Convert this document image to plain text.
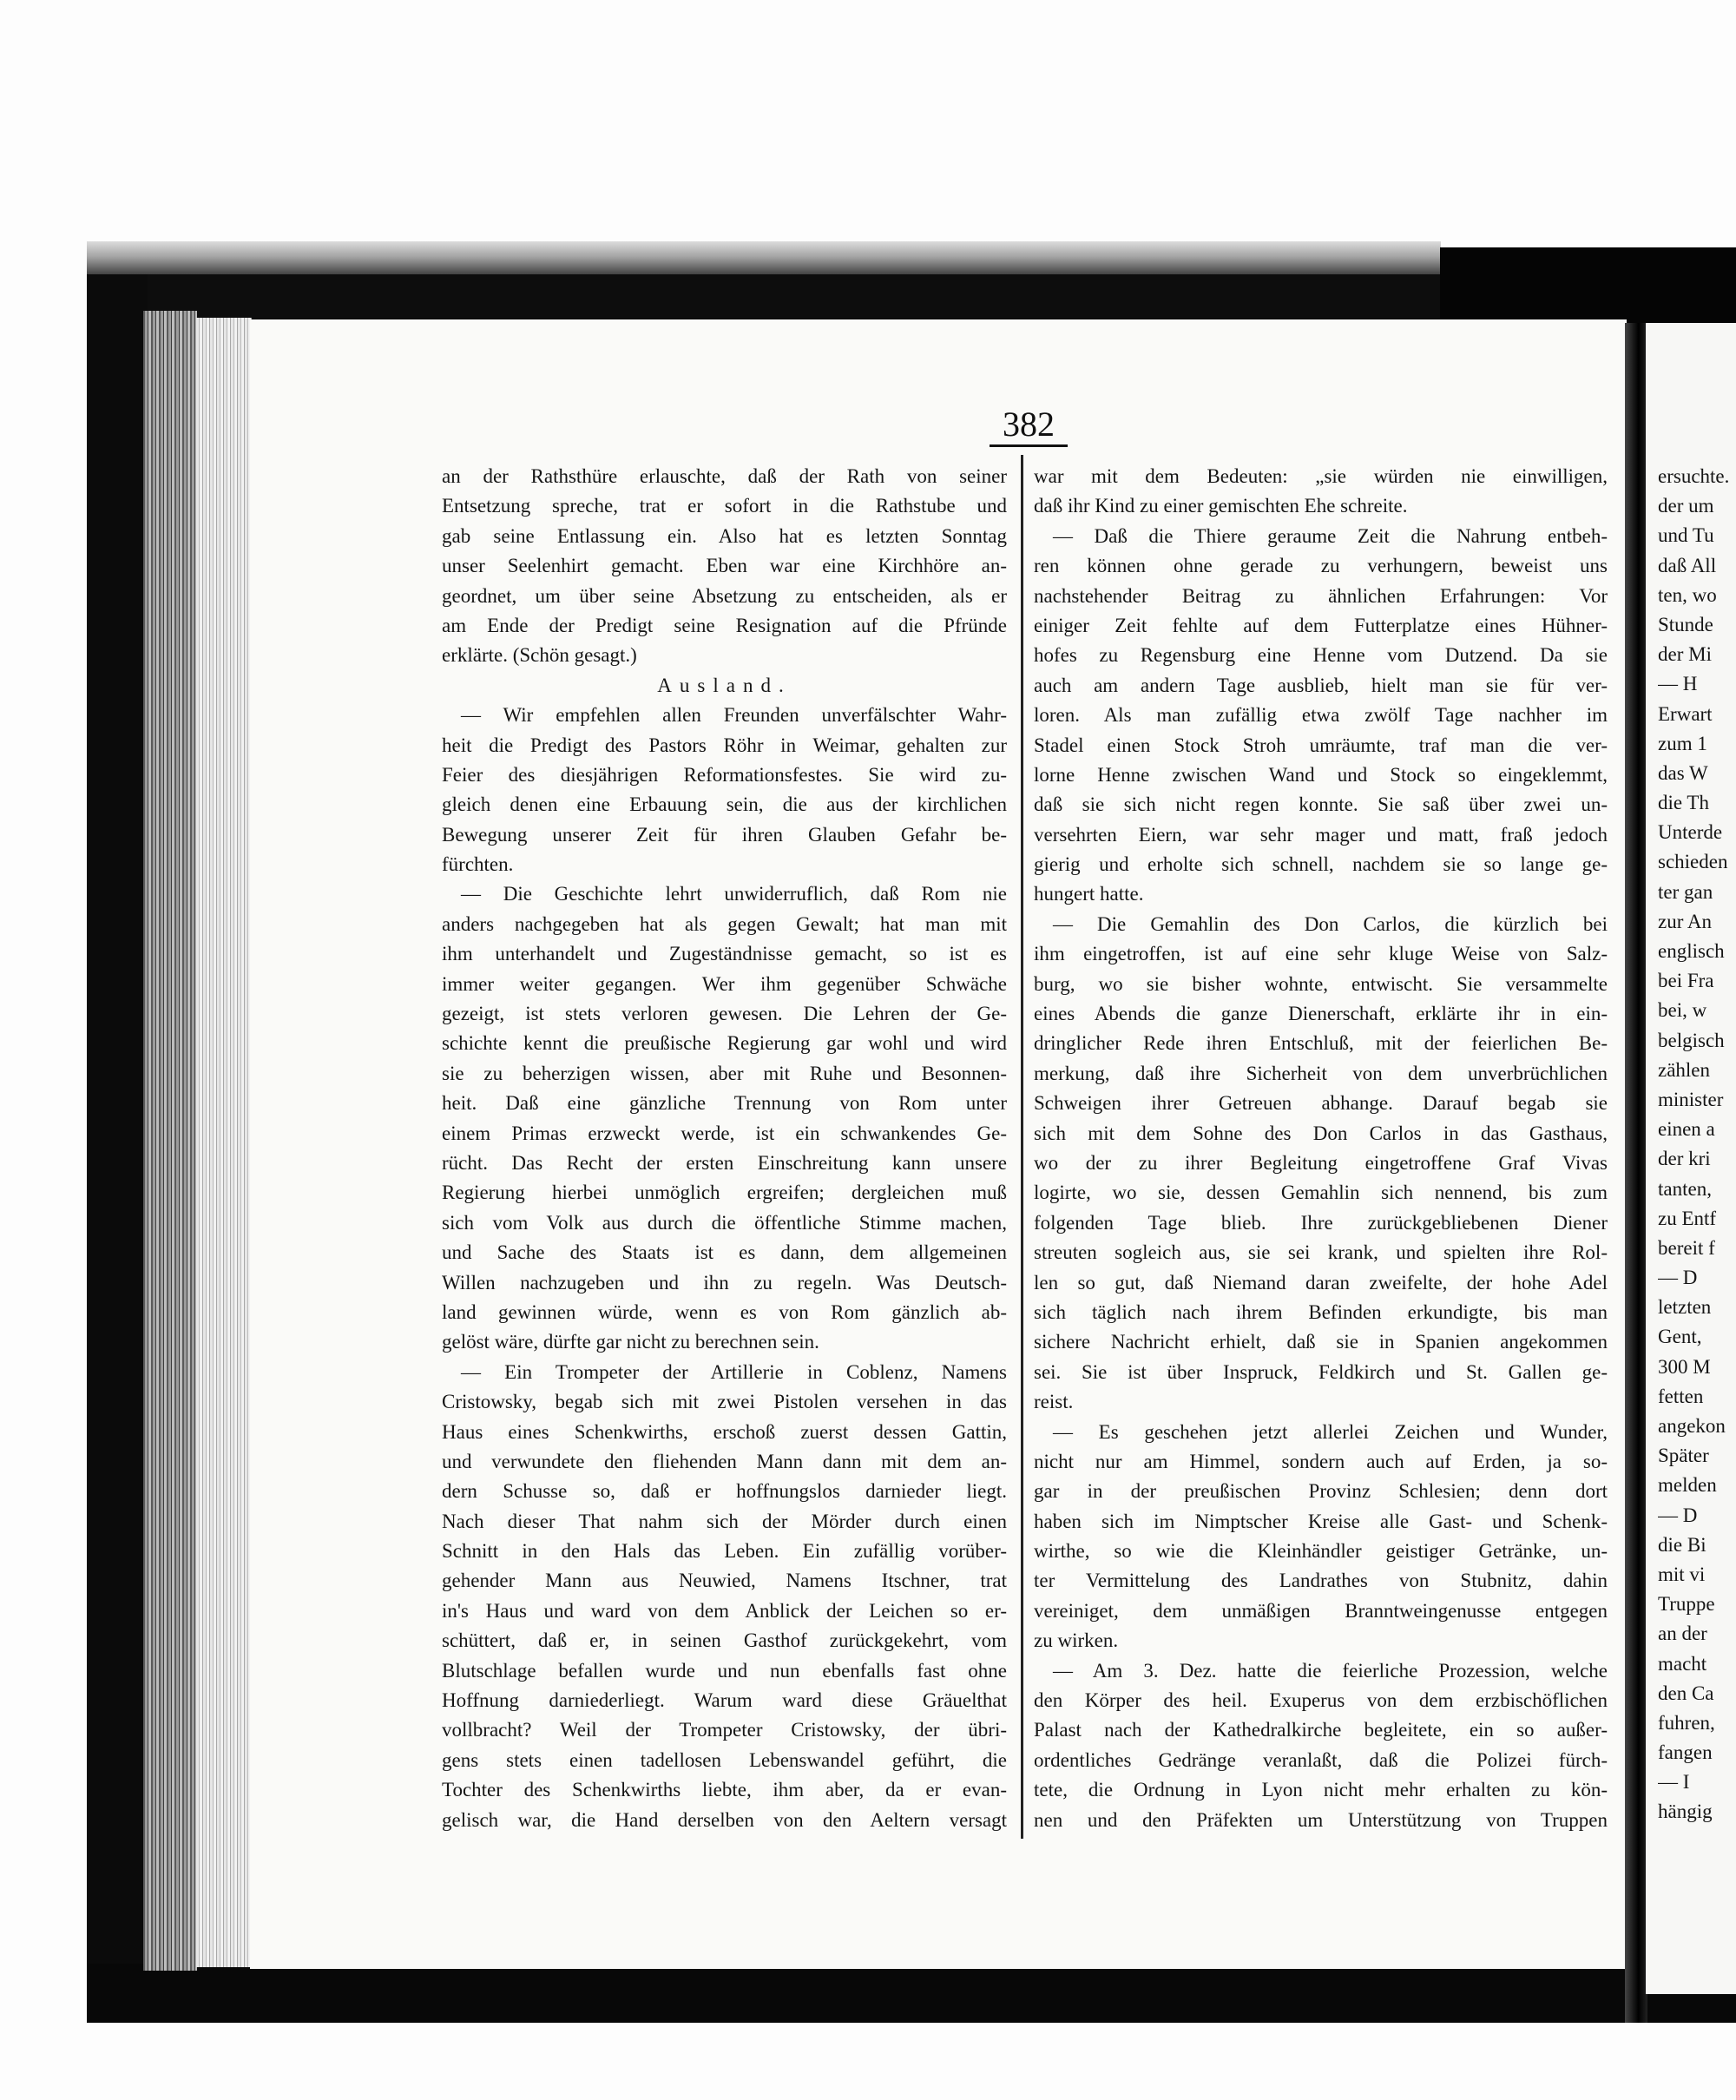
382
an der Rathsthüre erlauschte, daß der Rath von seiner
Entsetzung spreche, trat er sofort in die Rathstube und
gab seine Entlassung ein. Also hat es letzten Sonntag
unser Seelenhirt gemacht. Eben war eine Kirchhöre an-
geordnet, um über seine Absetzung zu entscheiden, als er
am Ende der Predigt seine Resignation auf die Pfründe
erklärte. (Schön gesagt.)
Ausland.
— Wir empfehlen allen Freunden unverfälschter Wahr-
heit die Predigt des Pastors Röhr in Weimar, gehalten zur
Feier des diesjährigen Reformationsfestes. Sie wird zu-
gleich denen eine Erbauung sein, die aus der kirchlichen
Bewegung unserer Zeit für ihren Glauben Gefahr be-
fürchten.
— Die Geschichte lehrt unwiderruflich, daß Rom nie
anders nachgegeben hat als gegen Gewalt; hat man mit
ihm unterhandelt und Zugeständnisse gemacht, so ist es
immer weiter gegangen. Wer ihm gegenüber Schwäche
gezeigt, ist stets verloren gewesen. Die Lehren der Ge-
schichte kennt die preußische Regierung gar wohl und wird
sie zu beherzigen wissen, aber mit Ruhe und Besonnen-
heit. Daß eine gänzliche Trennung von Rom unter
einem Primas erzweckt werde, ist ein schwankendes Ge-
rücht. Das Recht der ersten Einschreitung kann unsere
Regierung hierbei unmöglich ergreifen; dergleichen muß
sich vom Volk aus durch die öffentliche Stimme machen,
und Sache des Staats ist es dann, dem allgemeinen
Willen nachzugeben und ihn zu regeln. Was Deutsch-
land gewinnen würde, wenn es von Rom gänzlich ab-
gelöst wäre, dürfte gar nicht zu berechnen sein.
— Ein Trompeter der Artillerie in Coblenz, Namens
Cristowsky, begab sich mit zwei Pistolen versehen in das
Haus eines Schenkwirths, erschoß zuerst dessen Gattin,
und verwundete den fliehenden Mann dann mit dem an-
dern Schusse so, daß er hoffnungslos darnieder liegt.
Nach dieser That nahm sich der Mörder durch einen
Schnitt in den Hals das Leben. Ein zufällig vorüber-
gehender Mann aus Neuwied, Namens Itschner, trat
in's Haus und ward von dem Anblick der Leichen so er-
schüttert, daß er, in seinen Gasthof zurückgekehrt, vom
Blutschlage befallen wurde und nun ebenfalls fast ohne
Hoffnung darniederliegt. Warum ward diese Gräuelthat
vollbracht? Weil der Trompeter Cristowsky, der übri-
gens stets einen tadellosen Lebenswandel geführt, die
Tochter des Schenkwirths liebte, ihm aber, da er evan-
gelisch war, die Hand derselben von den Aeltern versagt
war mit dem Bedeuten: „sie würden nie einwilligen,
daß ihr Kind zu einer gemischten Ehe schreite.
— Daß die Thiere geraume Zeit die Nahrung entbeh-
ren können ohne gerade zu verhungern, beweist uns
nachstehender Beitrag zu ähnlichen Erfahrungen: Vor
einiger Zeit fehlte auf dem Futterplatze eines Hühner-
hofes zu Regensburg eine Henne vom Dutzend. Da sie
auch am andern Tage ausblieb, hielt man sie für ver-
loren. Als man zufällig etwa zwölf Tage nachher im
Stadel einen Stock Stroh umräumte, traf man die ver-
lorne Henne zwischen Wand und Stock so eingeklemmt,
daß sie sich nicht regen konnte. Sie saß über zwei un-
versehrten Eiern, war sehr mager und matt, fraß jedoch
gierig und erholte sich schnell, nachdem sie so lange ge-
hungert hatte.
— Die Gemahlin des Don Carlos, die kürzlich bei
ihm eingetroffen, ist auf eine sehr kluge Weise von Salz-
burg, wo sie bisher wohnte, entwischt. Sie versammelte
eines Abends die ganze Dienerschaft, erklärte ihr in ein-
dringlicher Rede ihren Entschluß, mit der feierlichen Be-
merkung, daß ihre Sicherheit von dem unverbrüchlichen
Schweigen ihrer Getreuen abhange. Darauf begab sie
sich mit dem Sohne des Don Carlos in das Gasthaus,
wo der zu ihrer Begleitung eingetroffene Graf Vivas
logirte, wo sie, dessen Gemahlin sich nennend, bis zum
folgenden Tage blieb. Ihre zurückgebliebenen Diener
streuten sogleich aus, sie sei krank, und spielten ihre Rol-
len so gut, daß Niemand daran zweifelte, der hohe Adel
sich täglich nach ihrem Befinden erkundigte, bis man
sichere Nachricht erhielt, daß sie in Spanien angekommen
sei. Sie ist über Inspruck, Feldkirch und St. Gallen ge-
reist.
— Es geschehen jetzt allerlei Zeichen und Wunder,
nicht nur am Himmel, sondern auch auf Erden, ja so-
gar in der preußischen Provinz Schlesien; denn dort
haben sich im Nimptscher Kreise alle Gast- und Schenk-
wirthe, so wie die Kleinhändler geistiger Getränke, un-
ter Vermittelung des Landrathes von Stubnitz, dahin
vereiniget, dem unmäßigen Branntweingenusse entgegen
zu wirken.
— Am 3. Dez. hatte die feierliche Prozession, welche
den Körper des heil. Exuperus von dem erzbischöflichen
Palast nach der Kathedralkirche begleitete, ein so außer-
ordentliches Gedränge veranlaßt, daß die Polizei fürch-
tete, die Ordnung in Lyon nicht mehr erhalten zu kön-
nen und den Präfekten um Unterstützung von Truppen
ersuchte.
der um
und Tu
daß All
ten, wo
Stunde
der Mi
— H
Erwart
zum 1
das W
die Th
Unterde
schieden
ter gan
zur An
englisch
bei Fra
bei, w
belgisch
zählen
minister
einen a
der kri
tanten,
zu Entf
bereit f
— D
letzten
Gent,
300 M
fetten
angekon
Später
melden
— D
die Bi
mit vi
Truppe
an der
macht
den Ca
fuhren,
fangen
— I
hängig
